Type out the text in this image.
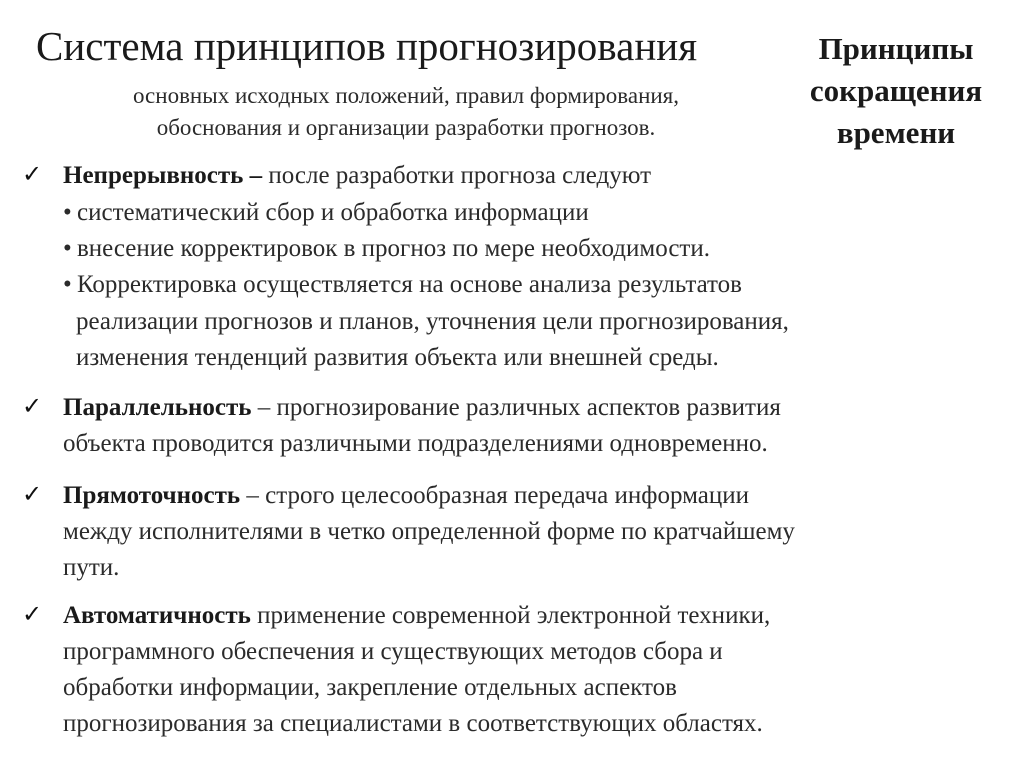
Система принципов прогнозирования
основных исходных положений, правил формирования,
обоснования и организации разработки прогнозов.
Принципы
сокращения
времени
✓ Непрерывность – после разработки прогноза следуют
• систематический сбор и обработка информации
• внесение корректировок в прогноз по мере необходимости.
• Корректировка осуществляется на основе анализа результатов
реализации прогнозов и планов, уточнения цели прогнозирования,
изменения тенденций развития объекта или внешней среды.
✓ Параллельность – прогнозирование различных аспектов развития
объекта проводится различными подразделениями одновременно.
✓ Прямоточность – строго целесообразная передача информации
между исполнителями в четко определенной форме по кратчайшему
пути.
✓ Автоматичность применение современной электронной техники,
программного обеспечения и существующих методов сбора и
обработки информации, закрепление отдельных аспектов
прогнозирования за специалистами в соответствующих областях.
